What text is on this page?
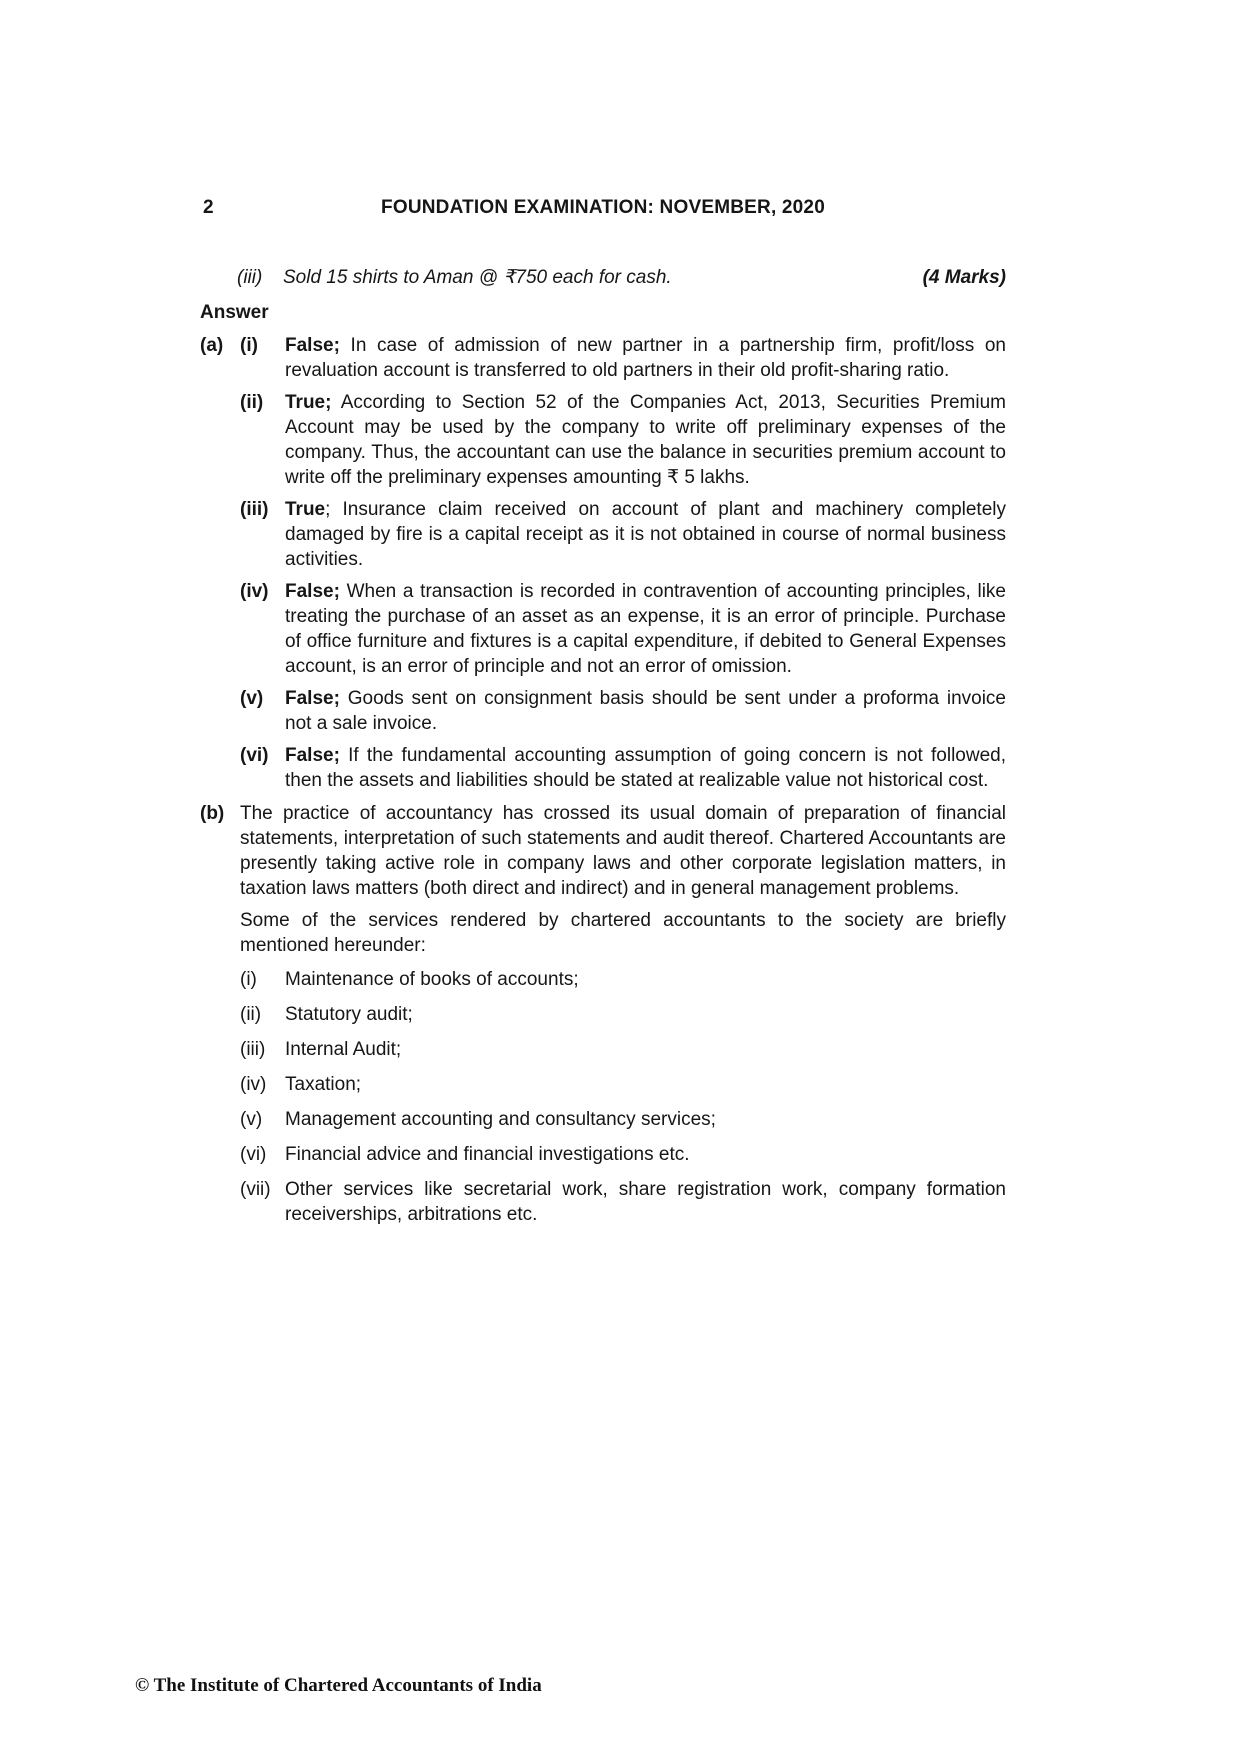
2	FOUNDATION EXAMINATION: NOVEMBER, 2020
(iii)	Sold 15 shirts to Aman @ ₹750 each for cash.	(4 Marks)
Answer
(a) (i)	False; In case of admission of new partner in a partnership firm, profit/loss on revaluation account is transferred to old partners in their old profit-sharing ratio.

(ii)	True; According to Section 52 of the Companies Act, 2013, Securities Premium Account may be used by the company to write off preliminary expenses of the company. Thus, the accountant can use the balance in securities premium account to write off the preliminary expenses amounting ₹ 5 lakhs.

(iii) True; Insurance claim received on account of plant and machinery completely damaged by fire is a capital receipt as it is not obtained in course of normal business activities.

(iv) False; When a transaction is recorded in contravention of accounting principles, like treating the purchase of an asset as an expense, it is an error of principle. Purchase of office furniture and fixtures is a capital expenditure, if debited to General Expenses account, is an error of principle and not an error of omission.

(v)	False; Goods sent on consignment basis should be sent under a proforma invoice not a sale invoice.

(vi) False; If the fundamental accounting assumption of going concern is not followed, then the assets and liabilities should be stated at realizable value not historical cost.

(b) The practice of accountancy has crossed its usual domain of preparation of financial statements, interpretation of such statements and audit thereof. Chartered Accountants are presently taking active role in company laws and other corporate legislation matters, in taxation laws matters (both direct and indirect) and in general management problems.

Some of the services rendered by chartered accountants to the society are briefly mentioned hereunder:

(i)	Maintenance of books of accounts;

(ii)	Statutory audit;

(iii)	Internal Audit;

(iv) Taxation;

(v)	Management accounting and consultancy services;

(vi) Financial advice and financial investigations etc.

(vii) Other services like secretarial work, share registration work, company formation receiverships, arbitrations etc.

© The Institute of Chartered Accountants of India
